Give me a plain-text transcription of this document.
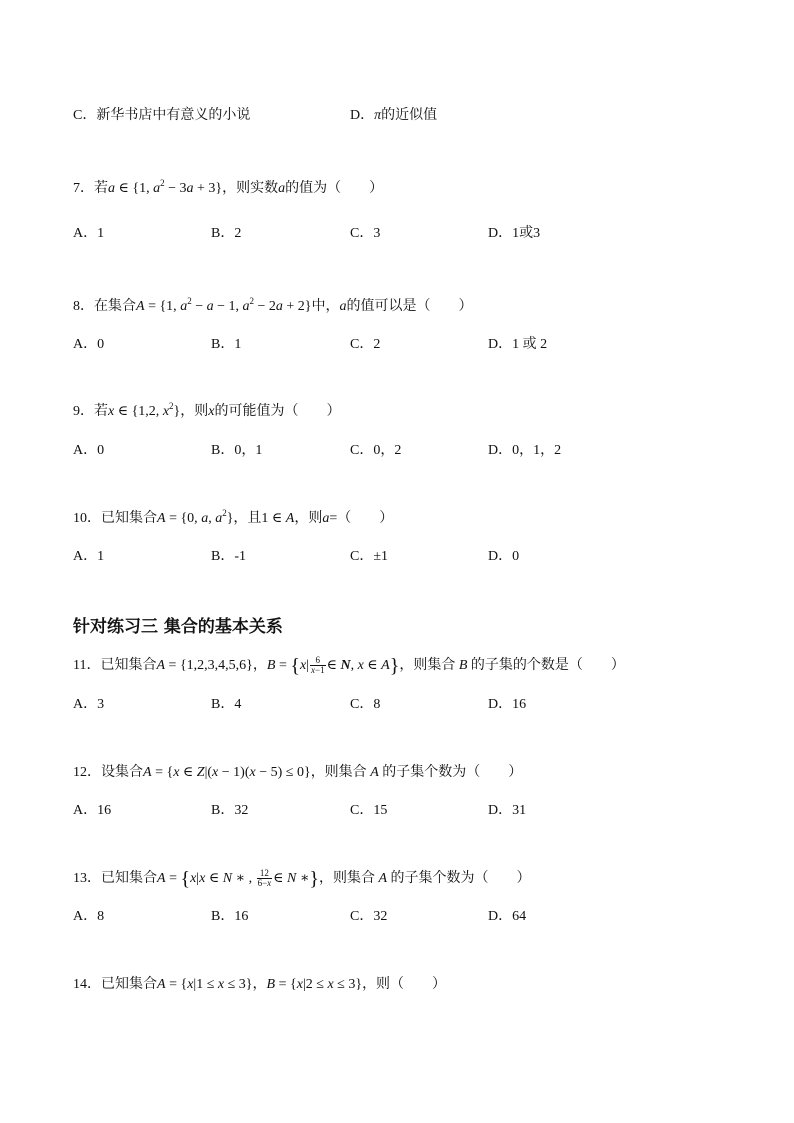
C．新华书店中有意义的小说	D．π的近似值
7．若a ∈ {1, $a^2 - 3a + 3$}，则实数a的值为（　　）
A．1	B．2	C．3	D．1或3
8．在集合A = {1, $a^2 - a - 1$, $a^2 - 2a + 2$}中，a的值可以是（　　）
A．0	B．1	C．2	D．1 或 2
9．若x ∈ {1,2, $x^2$}，则x的可能值为（　　）
A．0	B．0，1	C．0，2	D．0，1，2
10．已知集合A = {0, a, $a^2$}，且1 ∈ A，则a=（　　）
A．1	B．-1	C．±1	D．0
针对练习三 集合的基本关系
11．已知集合A = {1,2,3,4,5,6}，$B = \{x| \frac{6}{x-1}$ ∈ N, x ∈ A}，则集合 B 的子集的个数是（　　）
A．3	B．4	C．8	D．16
12．设集合A = {x ∈ Z|(x − 1)(x − 5) ≤ 0}，则集合 A 的子集个数为（　　）
A．16	B．32	C．15	D．31
13．已知集合A = {x|x ∈ N ∗ , $\frac{12}{6-x}$ ∈ N ∗}，则集合 A 的子集个数为（　　）
A．8	B．16	C．32	D．64
14．已知集合A = {x|1 ≤ x ≤ 3}，B = {x|2 ≤ x ≤ 3}，则（　　）
